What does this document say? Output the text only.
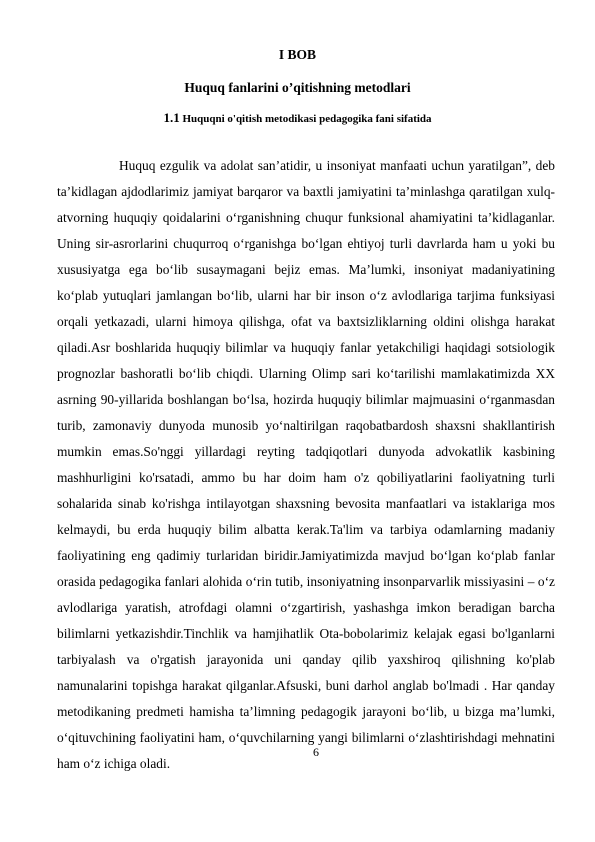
I BOB
Huquq fanlarini o’qitishning metodlari
1.1 Huquqni o'qitish metodikasi pedagogika fani sifatida

Huquq ezgulik va adolat san’atidir, u insoniyat manfaati uchun yaratilgan”, deb ta’kidlagan ajdodlarimiz jamiyat barqaror va baxtli jamiyatini ta’minlashga qaratilgan xulq-atvorning huquqiy qoidalarini o‘rganishning chuqur funksional ahamiyatini ta’kidlaganlar. Uning sir-asrorlarini chuqurroq o‘rganishga bo‘lgan ehtiyoj turli davrlarda ham u yoki bu xususiyatga ega bo‘lib susaymagani bejiz emas. Ma’lumki, insoniyat madaniyatining ko‘plab yutuqlari jamlangan bo‘lib, ularni har bir inson o‘z avlodlariga tarjima funksiyasi orqali yetkazadi, ularni himoya qilishga, ofat va baxtsizliklarning oldini olishga harakat qiladi.Asr boshlarida huquqiy bilimlar va huquqiy fanlar yetakchiligi haqidagi sotsiologik prognozlar bashoratli bo‘lib chiqdi. Ularning Olimp sari ko‘tarilishi mamlakatimizda XX asrning 90-yillarida boshlangan bo‘lsa, hozirda huquqiy bilimlar majmuasini o‘rganmasdan turib, zamonaviy dunyoda munosib yo‘naltirilgan raqobatbardosh shaxsni shakllantirish mumkin emas.So'nggi yillardagi reyting tadqiqotlari dunyoda advokatlik kasbining mashhurligini ko'rsatadi, ammo bu har doim ham o'z qobiliyatlarini faoliyatning turli sohalarida sinab ko'rishga intilayotgan shaxsning bevosita manfaatlari va istaklariga mos kelmaydi, bu erda huquqiy bilim albatta kerak.Ta'lim va tarbiya odamlarning madaniy faoliyatining eng qadimiy turlaridan biridir.Jamiyatimizda mavjud bo‘lgan ko‘plab fanlar orasida pedagogika fanlari alohida o‘rin tutib, insoniyatning insonparvarlik missiyasini – o‘z avlodlariga yaratish, atrofdagi olamni o‘zgartirish, yashashga imkon beradigan barcha bilimlarni yetkazishdir.Tinchlik va hamjihatlik Ota-bobolarimiz kelajak egasi bo'lganlarni tarbiyalash va o'rgatish jarayonida uni qanday qilib yaxshiroq qilishning ko'plab namunalarini topishga harakat qilganlar.Afsuski, buni darhol anglab bo'lmadi . Har qanday metodikaning predmeti hamisha ta’limning pedagogik jarayoni bo‘lib, u bizga ma’lumki, o‘qituvchining faoliyatini ham, o‘quvchilarning yangi bilimlarni o‘zlashtirishdagi mehnatini ham o‘z ichiga oladi.

6
